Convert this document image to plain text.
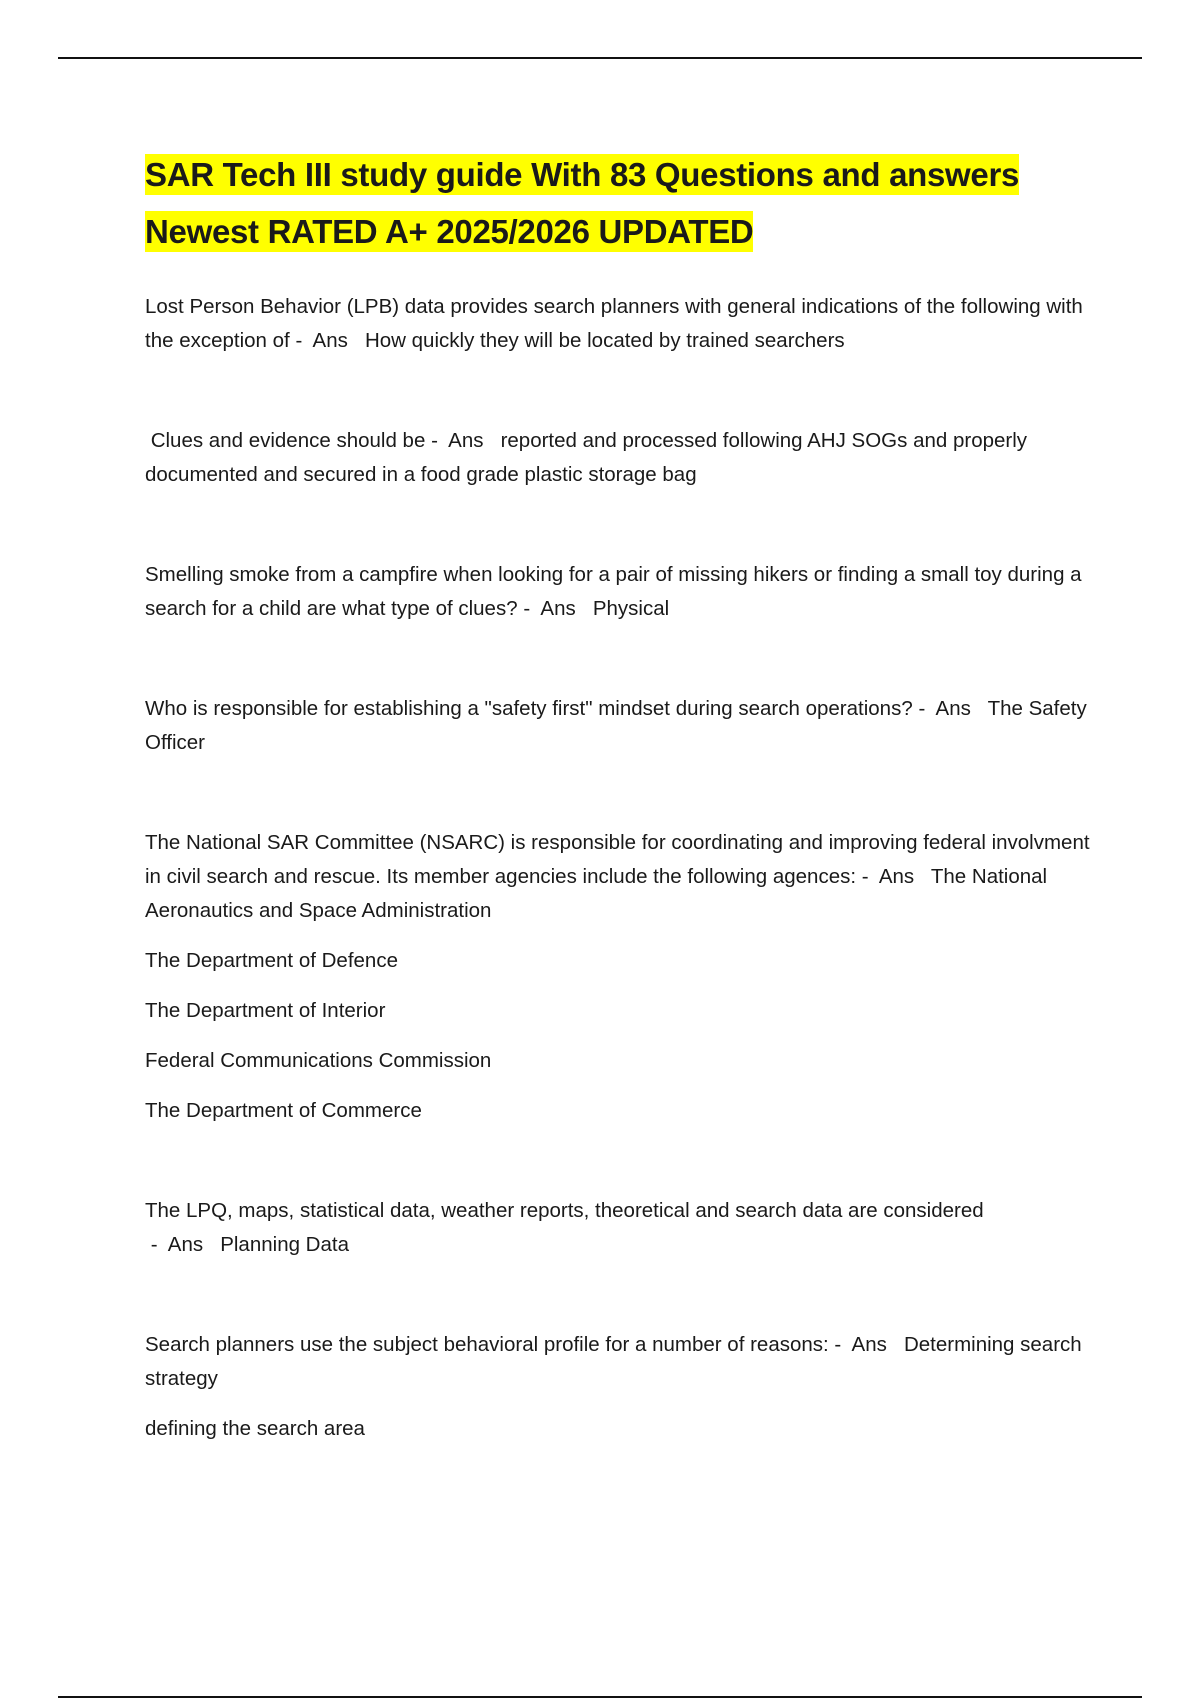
SAR Tech III study guide With 83 Questions and answers
Newest RATED A+ 2025/2026 UPDATED

Lost Person Behavior (LPB) data provides search planners with general indications of the following with the exception of -  Ans   How quickly they will be located by trained searchers

Clues and evidence should be -  Ans   reported and processed following AHJ SOGs and properly documented and secured in a food grade plastic storage bag

Smelling smoke from a campfire when looking for a pair of missing hikers or finding a small toy during a search for a child are what type of clues? -  Ans   Physical

Who is responsible for establishing a "safety first" mindset during search operations? -  Ans   The Safety Officer

The National SAR Committee (NSARC) is responsible for coordinating and improving federal involvment in civil search and rescue. Its member agencies include the following agences: -  Ans   The National Aeronautics and Space Administration

The Department of Defence

The Department of Interior

Federal Communications Commission

The Department of Commerce

The LPQ, maps, statistical data, weather reports, theoretical and search data are considered -  Ans   Planning Data

Search planners use the subject behavioral profile for a number of reasons: -  Ans   Determining search strategy

defining the search area
